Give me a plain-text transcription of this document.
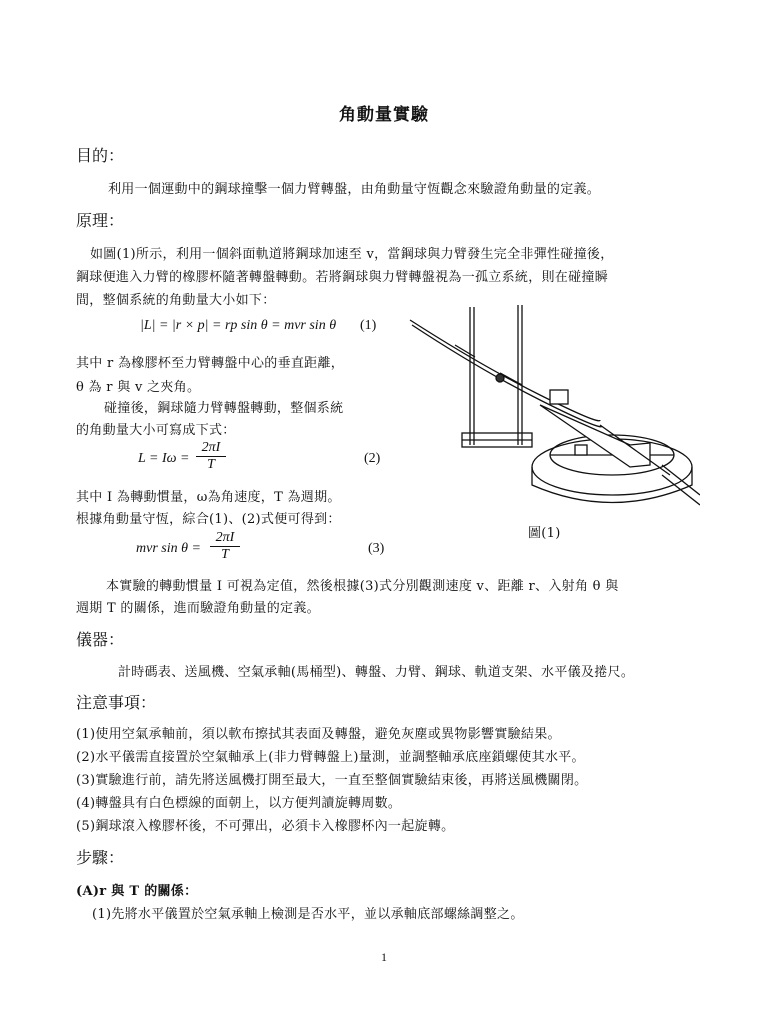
角動量實驗
目的：
利用一個運動中的鋼球撞擊一個力臂轉盤，由角動量守恆觀念來驗證角動量的定義。
原理：
如圖(1)所示，利用一個斜面軌道將鋼球加速至 v，當鋼球與力臂發生完全非彈性碰撞後，
鋼球便進入力臂的橡膠杯隨著轉盤轉動。若將鋼球與力臂轉盤視為一孤立系統，則在碰撞瞬
間，整個系統的角動量大小如下：
|L| = |r × p| = rp sin θ = mvr sin θ (1)
其中 r 為橡膠杯至力臂轉盤中心的垂直距離，
θ 為 r 與 v 之夾角。
碰撞後，鋼球隨力臂轉盤轉動，整個系統
的角動量大小可寫成下式：
$L = I\omega = \frac{2\pi I}{T}$	(2)
其中 I 為轉動慣量，ω為角速度，T 為週期。
根據角動量守恆，綜合(1)、(2)式便可得到：
mvr $\sin \theta = \frac{2\pi I}{T}$	(3)
圖(1)
本實驗的轉動慣量 I 可視為定值，然後根據(3)式分別觀測速度 v、距離 r、入射角 θ 與
週期 T 的關係，進而驗證角動量的定義。
儀器：
計時碼表、送風機、空氣承軸(馬桶型)、轉盤、力臂、鋼球、軌道支架、水平儀及捲尺。
注意事項：
(1)使用空氣承軸前，須以軟布擦拭其表面及轉盤，避免灰塵或異物影響實驗結果。
(2)水平儀需直接置於空氣軸承上(非力臂轉盤上)量測，並調整軸承底座鎖螺使其水平。
(3)實驗進行前，請先將送風機打開至最大，一直至整個實驗結束後，再將送風機關閉。
(4)轉盤具有白色標線的面朝上，以方便判讀旋轉周數。
(5)鋼球滾入橡膠杯後，不可彈出，必須卡入橡膠杯內一起旋轉。
步驟：
(A)r 與 T 的關係：
(1)先將水平儀置於空氣承軸上檢測是否水平，並以承軸底部螺絲調整之。
1
